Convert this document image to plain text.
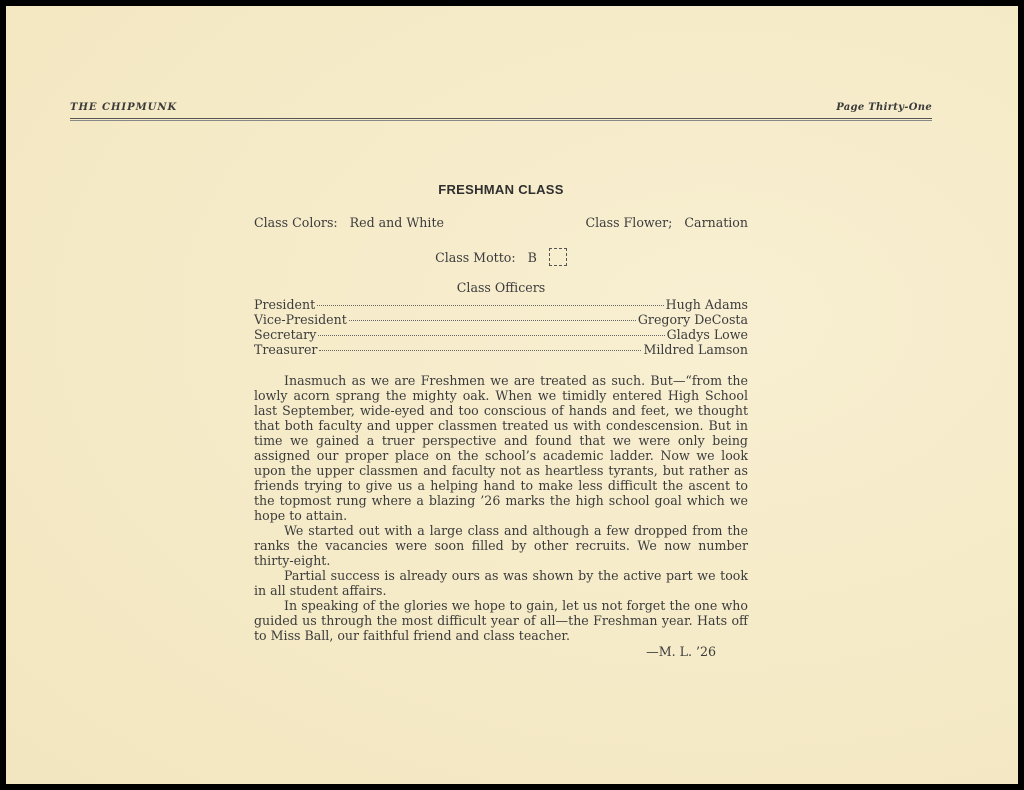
THE CHIPMUNK	Page Thirty-One
FRESHMAN CLASS
Class Colors: Red and White	Class Flower; Carnation
Class Motto: B
Class Officers
President	Hugh Adams
Vice-President	Gregory DeCosta
Secretary	Gladys Lowe
Treasurer	Mildred Lamson

Inasmuch as we are Freshmen we are treated as such. But—“from the lowly acorn sprang the mighty oak. When we timidly entered High School last September, wide-eyed and too conscious of hands and feet, we thought that both faculty and upper classmen treated us with condescension. But in time we gained a truer perspective and found that we were only being assigned our proper place on the school’s academic ladder. Now we look upon the upper classmen and faculty not as heartless tyrants, but rather as friends trying to give us a helping hand to make less difficult the ascent to the topmost rung where a blazing ’26 marks the high school goal which we hope to attain.

We started out with a large class and although a few dropped from the ranks the vacancies were soon filled by other recruits. We now number thirty-eight.

Partial success is already ours as was shown by the active part we took in all student affairs.

In speaking of the glories we hope to gain, let us not forget the one who guided us through the most difficult year of all—the Freshman year. Hats off to Miss Ball, our faithful friend and class teacher.

—M. L. ’26
